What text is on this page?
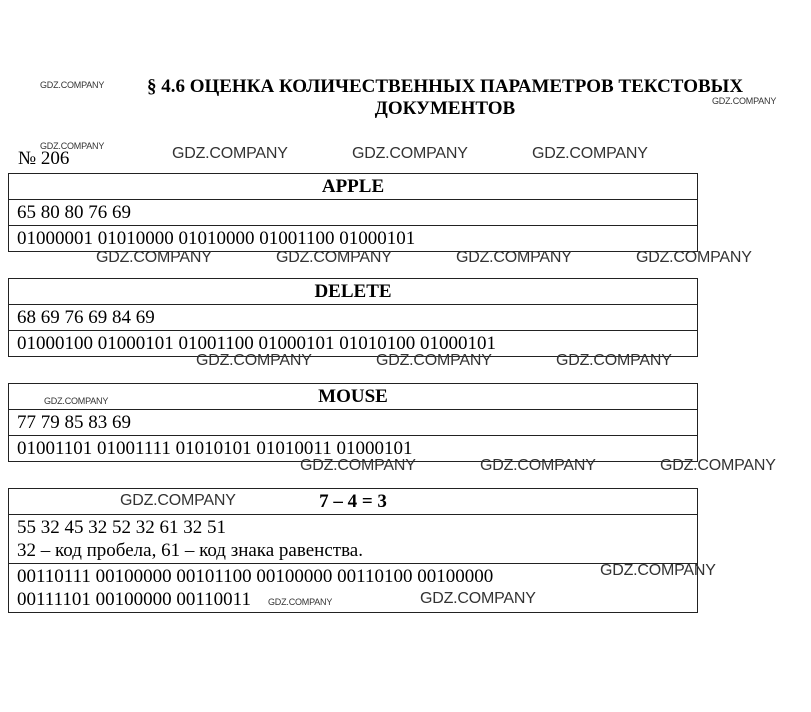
§ 4.6 ОЦЕНКА КОЛИЧЕСТВЕННЫХ ПАРАМЕТРОВ ТЕКСТОВЫХ
ДОКУМЕНТОВ
№ 206
APPLE
65 80 80 76 69
01000001 01010000 01010000 01001100 01000101
DELETE
68 69 76 69 84 69
01000100 01000101 01001100 01000101 01010100 01000101
MOUSE
77 79 85 83 69
01001101 01001111 01010101 01010011 01000101
7 – 4 = 3
55 32 45 32 52 32 61 32 51
32 – код пробела, 61 – код знака равенства.
00110111 00100000 00101100 00100000 00110100 00100000
00111101 00100000 00110011
GDZ.COMPANY
GDZ.COMPANY
GDZ.COMPANY	GDZ.COMPANY	GDZ.COMPANY	GDZ.COMPANY
GDZ.COMPANY	GDZ.COMPANY	GDZ.COMPANY	GDZ.COMPANY
GDZ.COMPANY	GDZ.COMPANY	GDZ.COMPANY
GDZ.COMPANY
GDZ.COMPANY	GDZ.COMPANY	GDZ.COMPANY
GDZ.COMPANY
GDZ.COMPANY
GDZ.COMPANY
GDZ.COMPANY
